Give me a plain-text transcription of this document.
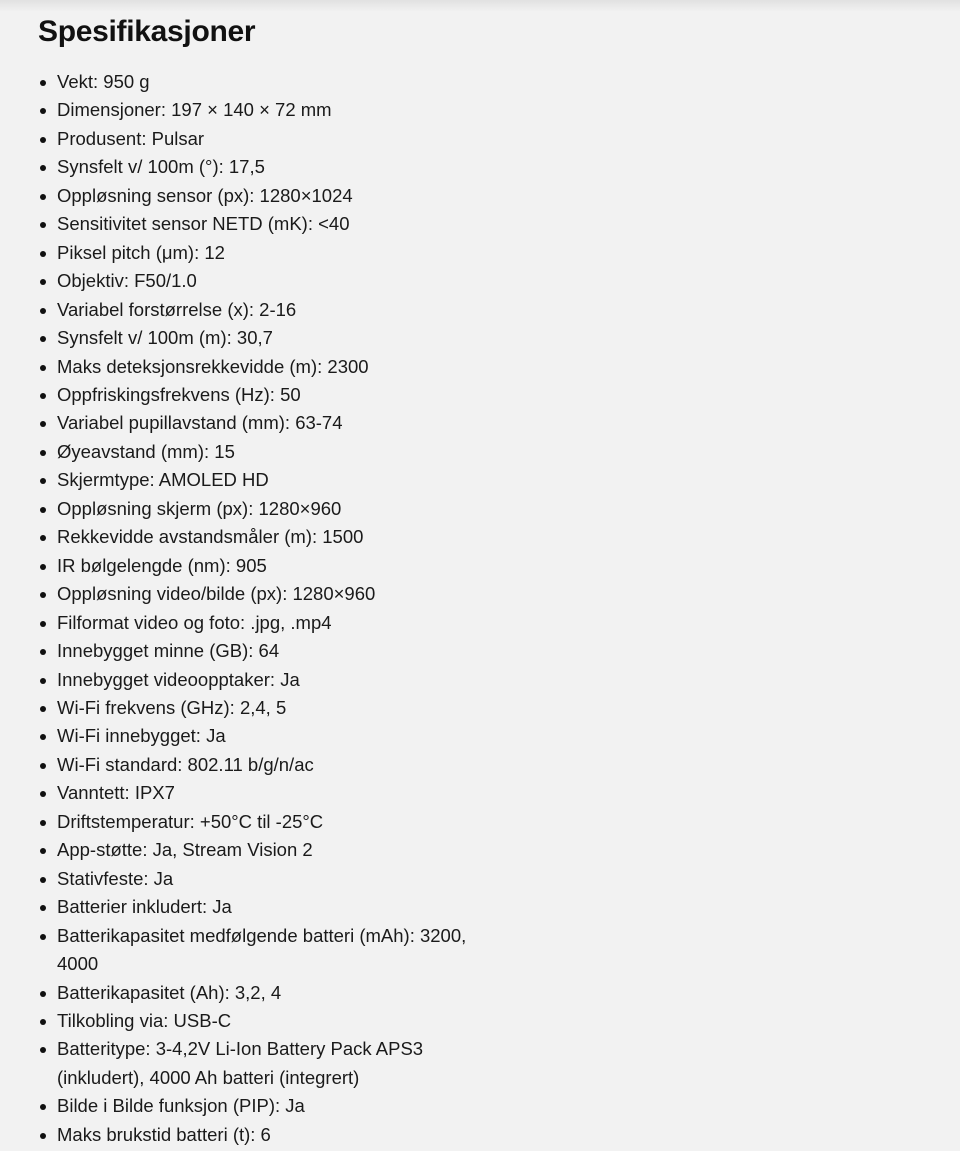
Spesifikasjoner
Vekt: 950 g
Dimensjoner: 197 × 140 × 72 mm
Produsent: Pulsar
Synsfelt v/ 100m (°): 17,5
Oppløsning sensor (px): 1280×1024
Sensitivitet sensor NETD (mK): <40
Piksel pitch (μm): 12
Objektiv: F50/1.0
Variabel forstørrelse (x): 2-16
Synsfelt v/ 100m (m): 30,7
Maks deteksjonsrekkevidde (m): 2300
Oppfriskingsfrekvens (Hz): 50
Variabel pupillavstand (mm): 63-74
Øyeavstand (mm): 15
Skjermtype: AMOLED HD
Oppløsning skjerm (px): 1280×960
Rekkevidde avstandsmåler (m): 1500
IR bølgelengde (nm): 905
Oppløsning video/bilde (px): 1280×960
Filformat video og foto: .jpg, .mp4
Innebygget minne (GB): 64
Innebygget videoopptaker: Ja
Wi-Fi frekvens (GHz): 2,4, 5
Wi-Fi innebygget: Ja
Wi-Fi standard: 802.11 b/g/n/ac
Vanntett: IPX7
Driftstemperatur: +50°C til -25°C
App-støtte: Ja, Stream Vision 2
Stativfeste: Ja
Batterier inkludert: Ja
Batterikapasitet medfølgende batteri (mAh): 3200, 4000
Batterikapasitet (Ah): 3,2, 4
Tilkobling via: USB-C
Batteritype: 3-4,2V Li-Ion Battery Pack APS3 (inkludert), 4000 Ah batteri (integrert)
Bilde i Bilde funksjon (PIP): Ja
Maks brukstid batteri (t): 6
